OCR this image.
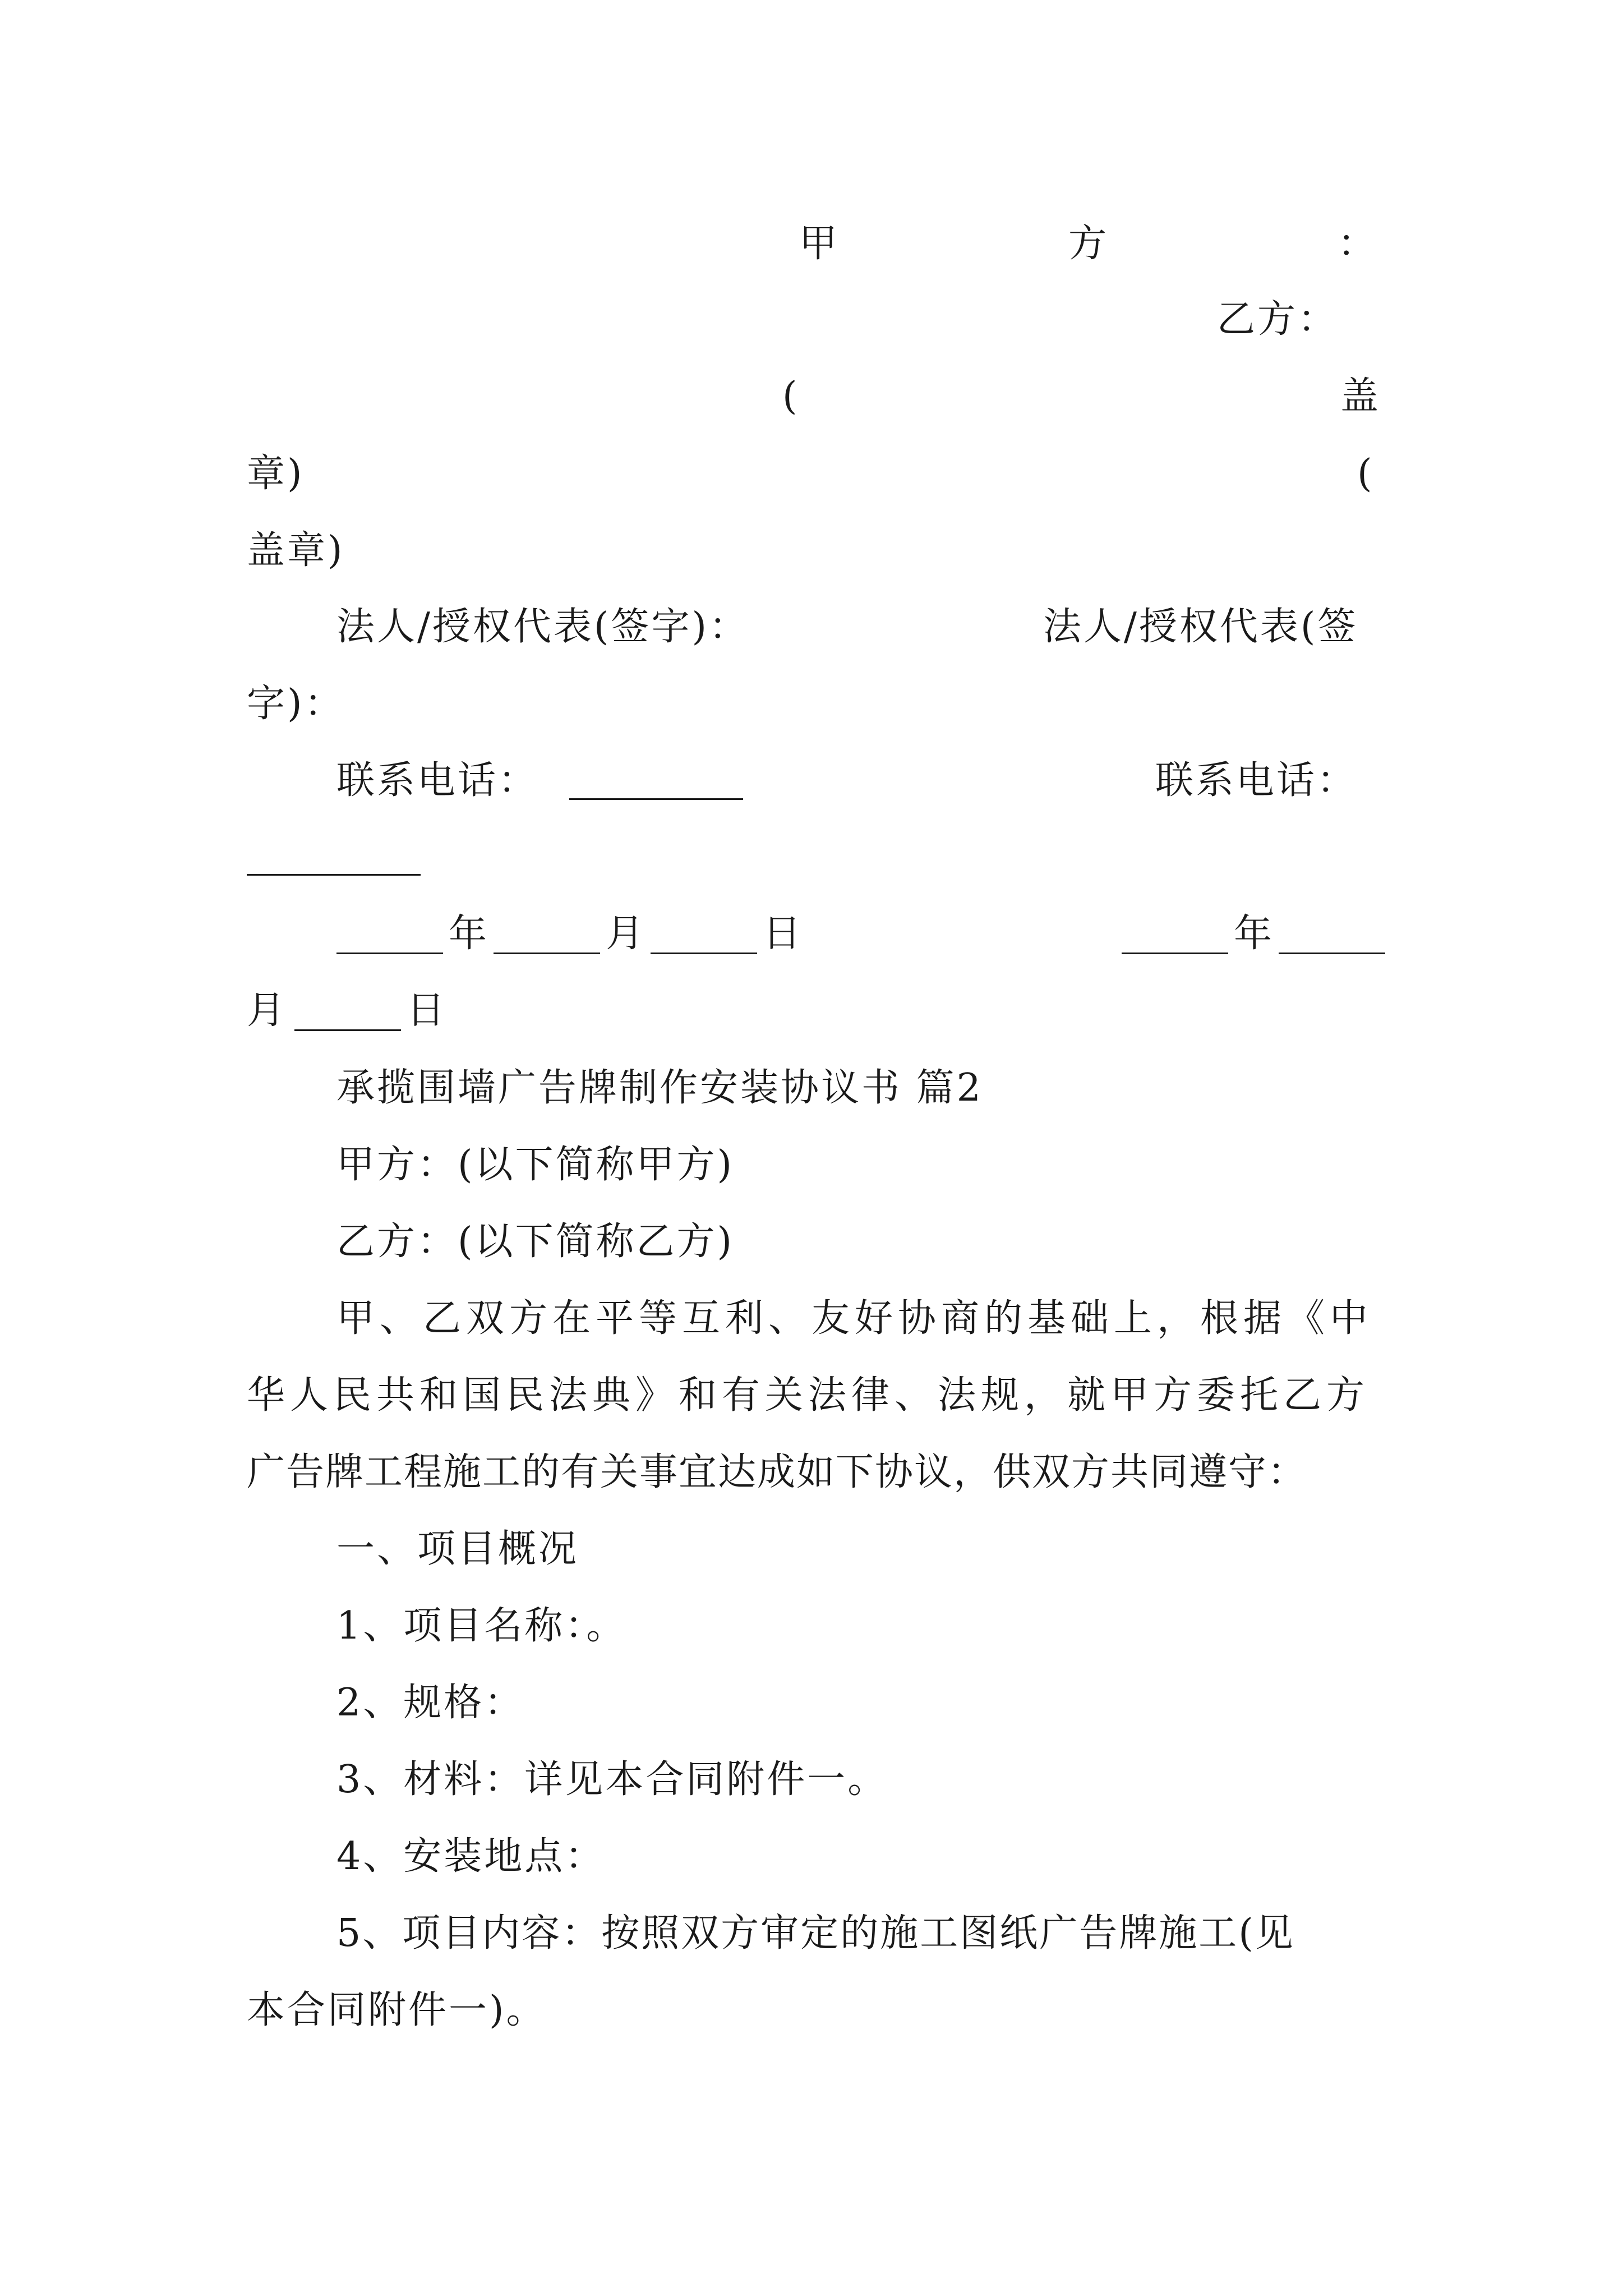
甲	方	：
乙方：
(	盖
章)	(
盖章)
法人/授权代表(签字)：	法人/授权代表(签
字)：
联系电话：	联系电话：
年	月	日	年
月	日
承揽围墙广告牌制作安装协议书 篇2
甲方：(以下简称甲方)
乙方：(以下简称乙方)
甲、乙双方在平等互利、友好协商的基础上，根据《中
华人民共和国民法典》和有关法律、法规，就甲方委托乙方
广告牌工程施工的有关事宜达成如下协议，供双方共同遵守：
一、项目概况
1、项目名称：。
2、规格：
3、材料：详见本合同附件一。
4、安装地点：
5、项目内容：按照双方审定的施工图纸广告牌施工(见
本合同附件一)。
